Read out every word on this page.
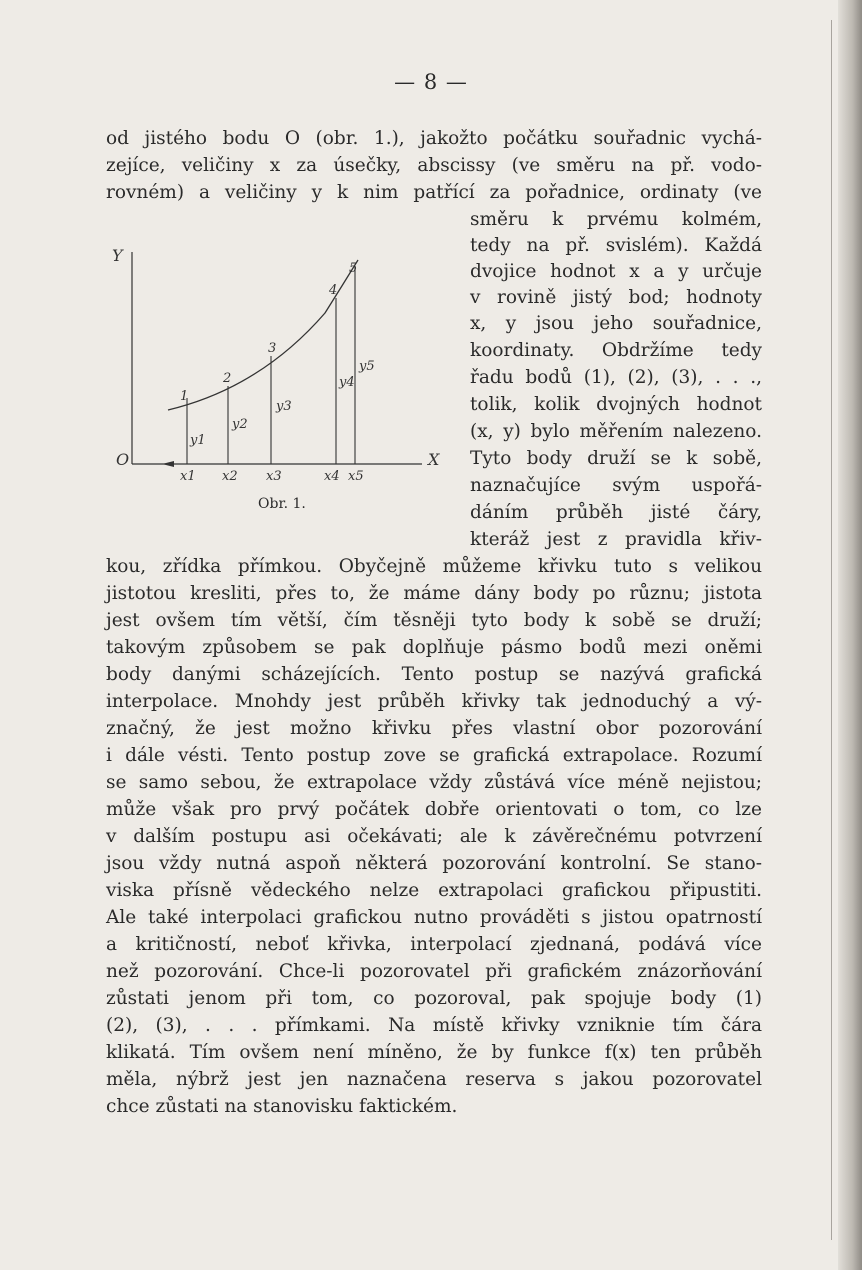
— 8 —
od jistého bodu O (obr. 1.), jakožto počátku souřadnic vychá-
zejíce, veličiny x za úsečky, abscissy (ve směru na př. vodo-
rovném) a veličiny y k nim patřící za pořadnice, ordinaty (ve
směru k prvému kolmém,
tedy na př. svislém). Každá
dvojice hodnot x a y určuje
v rovině jistý bod; hodnoty
x, y jsou jeho souřadnice,
koordinaty. Obdržíme tedy
řadu bodů (1), (2), (3), . . .,
tolik, kolik dvojných hodnot
(x, y) bylo měřením nalezeno.
Tyto body druží se k sobě,
naznačujíce svým uspořá-
dáním průběh jisté čáry,
kteráž jest z pravidla křiv-
Y
X
O
1
2
3
4
5
x1 x2 x3	x4 x5
y1
y2
y3
y4
y5
Obr. 1.
kou, zřídka přímkou. Obyčejně můžeme křivku tuto s velikou
jistotou kresliti, přes to, že máme dány body po různu; jistota
jest ovšem tím větší, čím těsněji tyto body k sobě se druží;
takovým způsobem se pak doplňuje pásmo bodů mezi oněmi
body danými scházejících. Tento postup se nazývá grafická
interpolace. Mnohdy jest průběh křivky tak jednoduchý a vý-
značný, že jest možno křivku přes vlastní obor pozorování
i dále vésti. Tento postup zove se grafická extrapolace. Rozumí
se samo sebou, že extrapolace vždy zůstává více méně nejistou;
může však pro prvý počátek dobře orientovati o tom, co lze
v dalším postupu asi očekávati; ale k závěrečnému potvrzení
jsou vždy nutná aspoň některá pozorování kontrolní. Se stano-
viska přísně vědeckého nelze extrapolaci grafickou připustiti.
Ale také interpolaci grafickou nutno prováděti s jistou opatrností
a kritičností, neboť křivka, interpolací zjednaná, podává více
než pozorování. Chce-li pozorovatel při grafickém znázorňování
zůstati jenom při tom, co pozoroval, pak spojuje body (1)
(2), (3), . . . přímkami. Na místě křivky vzniknie tím čára
klikatá. Tím ovšem není míněno, že by funkce f(x) ten průběh
měla, nýbrž jest jen naznačena reserva s jakou pozorovatel
chce zůstati na stanovisku faktickém.
